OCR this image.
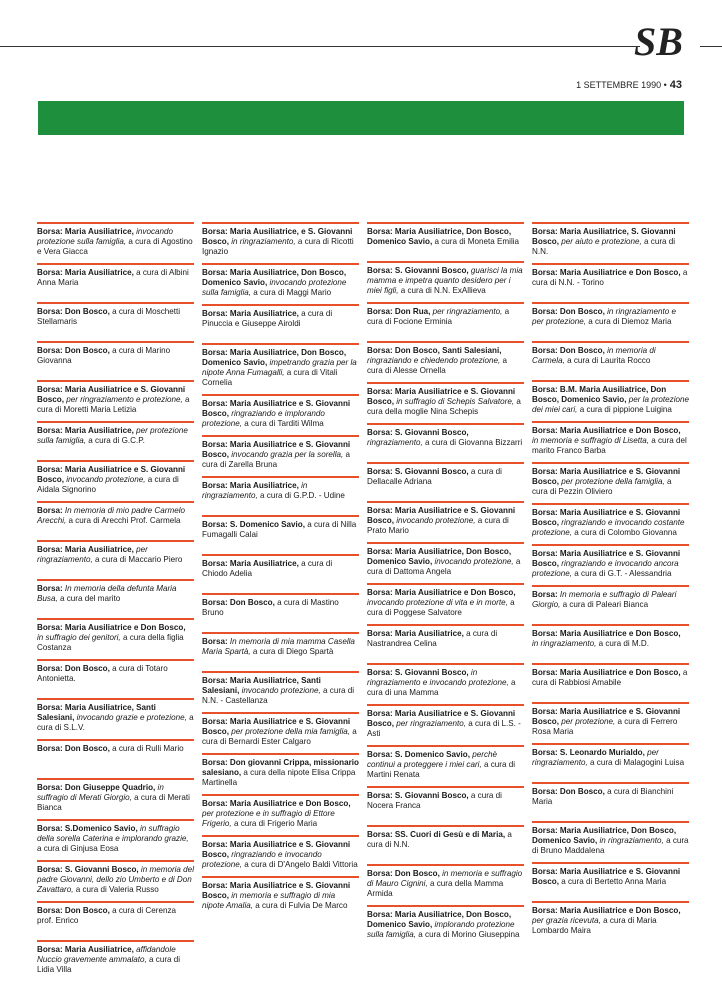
SB
1 SETTEMBRE 1990 • 43
Borsa: Maria Ausiliatrice, invocando protezione sulla famiglia, a cura di Agostino e Vera Giacca
Borsa: Maria Ausiliatrice, a cura di Albini Anna Maria
Borsa: Don Bosco, a cura di Moschetti Stellamaris
Borsa: Don Bosco, a cura di Marino Giovanna
Borsa: Maria Ausiliatrice e S. Giovanni Bosco, per ringraziamento e protezione, a cura di Moretti Maria Letizia
Borsa: Maria Ausiliatrice, per protezione sulla famiglia, a cura di G.C.P.
Borsa: Maria Ausiliatrice e S. Giovanni Bosco, invocando protezione, a cura di Aidala Signorino
Borsa: In memoria di mio padre Carmelo Arecchi, a cura di Arecchi Prof. Carmela
Borsa: Maria Ausiliatrice, per ringraziamento, a cura di Maccario Piero
Borsa: In memoria della defunta Maria Busa, a cura del marito
Borsa: Maria Ausiliatrice e Don Bosco, in suffragio dei genitori, a cura della figlia Costanza
Borsa: Don Bosco, a cura di Totaro Antonietta.
Borsa: Maria Ausiliatrice, Santi Salesiani, invocando grazie e protezione, a cura di S.L.V.
Borsa: Don Bosco, a cura di Rulli Mario
Borsa: Don Giuseppe Quadrio, in suffragio di Merati Giorgio, a cura di Merati Bianca
Borsa: S.Domenico Savio, in suffragio della sorella Caterina e implorando grazie, a cura di Ginjusa Eosa
Borsa: S. Giovanni Bosco, in memoria del padre Giovanni, dello zio Umberto e di Don Zavattaro, a cura di Valeria Russo
Borsa: Don Bosco, a cura di Cerenza prof. Enrico
Borsa: Maria Ausiliatrice, affidandole Nuccio gravemente ammalato, a cura di Lidia Villa
Borsa: Maria Ausiliatrice, e S. Giovanni Bosco, in ringraziamento, a cura di Ricotti Ignazio
Borsa: Maria Ausiliatrice, Don Bosco, Domenico Savio, invocando protezione sulla famiglia, a cura di Maggi Mario
Borsa: Maria Ausiliatrice, a cura di Pinuccia e Giuseppe Airoldi
Borsa: Maria Ausiliatrice, Don Bosco, Domenico Savio, impetrando grazia per la nipote Anna Fumagalli, a cura di Vitali Cornelia
Borsa: Maria Ausiliatrice e S. Giovanni Bosco, ringraziando e implorando protezione, a cura di Tarditi Wilma
Borsa: Maria Ausiliatrice e S. Giovanni Bosco, invocando grazia per la sorella, a cura di Zarella Bruna
Borsa: Maria Ausiliatrice, in ringraziamento, a cura di G.P.D. - Udine
Borsa: S. Domenico Savio, a cura di Nilla Fumagalli Calai
Borsa: Maria Ausiliatrice, a cura di Chiodo Adelia
Borsa: Don Bosco, a cura di Mastino Bruno
Borsa: In memoria di mia mamma Casella Maria Spartà, a cura di Diego Spartà
Borsa: Maria Ausiliatrice, Santi Salesiani, invocando protezione, a cura di N.N. - Castellanza
Borsa: Maria Ausiliatrice e S. Giovanni Bosco, per protezione della mia famiglia, a cura di Bernardi Ester Calgaro
Borsa: Don giovanni Crippa, missionario salesiano, a cura della nipote Elisa Crippa Martinella
Borsa: Maria Ausiliatrice e Don Bosco, per protezione e in suffragio di Ettore Frigerio, a cura di Frigerio Maria
Borsa: Maria Ausiliatrice e S. Giovanni Bosco, ringraziando e invocando protezione, a cura di D'Angelo Baldi Vittoria
Borsa: Maria Ausiliatrice e S. Giovanni Bosco, in memoria e suffragio di mia nipote Amalia, a cura di Fulvia De Marco
Borsa: Maria Ausiliatrice, Don Bosco, Domenico Savio, a cura di Moneta Emilia
Borsa: S. Giovanni Bosco, guarisci la mia mamma e impetra quanto desidero per i miei figli, a cura di N.N. ExAllieva
Borsa: Don Rua, per ringraziamento, a cura di Focione Erminia
Borsa: Don Bosco, Santi Salesiani, ringraziando e chiedendo protezione, a cura di Alesse Ornella
Borsa: Maria Ausiliatrice e S. Giovanni Bosco, in suffragio di Schepis Salvatore, a cura della moglie Nina Schepis
Borsa: S. Giovanni Bosco, ringraziamento, a cura di Giovanna Bizzarri
Borsa: S. Giovanni Bosco, a cura di Dellacalle Adriana
Borsa: Maria Ausiliatrice e S. Giovanni Bosco, invocando protezione, a cura di Prato Mario
Borsa: Maria Ausiliatrice, Don Bosco, Domenico Savio, invocando protezione, a cura di Dattoma Angela
Borsa: Maria Ausiliatrice e Don Bosco, invocando protezione di vita e in morte, a cura di Poggese Salvatore
Borsa: Maria Ausiliatrice, a cura di Nastrandrea Celina
Borsa: S. Giovanni Bosco, in ringraziamento e invocando protezione, a cura di una Mamma
Borsa: Maria Ausiliatrice e S. Giovanni Bosco, per ringraziamento, a cura di L.S. - Asti
Borsa: S. Domenico Savio, perchè continui a proteggere i miei cari, a cura di Martini Renata
Borsa: S. Giovanni Bosco, a cura di Nocera Franca
Borsa: SS. Cuori di Gesù e di Maria, a cura di N.N.
Borsa: Don Bosco, in memoria e suffragio di Mauro Cignini, a cura della Mamma Armida
Borsa: Maria Ausiliatrice, Don Bosco, Domenico Savio, implorando protezione sulla famiglia, a cura di Morino Giuseppina
Borsa: Maria Ausiliatrice, S. Giovanni Bosco, per aiuto e protezione, a cura di N.N.
Borsa: Maria Ausiliatrice e Don Bosco, a cura di N.N. - Torino
Borsa: Don Bosco, in ringraziamento e per protezione, a cura di Diemoz Maria
Borsa: Don Bosco, in memoria di Carmela, a cura di Laurita Rocco
Borsa: B.M. Maria Ausiliatrice, Don Bosco, Domenico Savio, per la protezione dei miei cari, a cura di pippione Luigina
Borsa: Maria Ausiliatrice e Don Bosco, in memoria e suffragio di Lisetta, a cura del marito Franco Barba
Borsa: Maria Ausiliatrice e S. Giovanni Bosco, per protezione della famiglia, a cura di Pezzin Oliviero
Borsa: Maria Ausiliatrice e S. Giovanni Bosco, ringraziando e invocando costante protezione, a cura di Colombo Giovanna
Borsa: Maria Ausiliatrice e S. Giovanni Bosco, ringraziando e invocando ancora protezione, a cura di G.T. - Alessandria
Borsa: In memoria e suffragio di Paleari Giorgio, a cura di Paleari Bianca
Borsa: Maria Ausiliatrice e Don Bosco, in ringraziamento, a cura di M.D.
Borsa: Maria Ausiliatrice e Don Bosco, a cura di Rabbiosi Amabile
Borsa: Maria Ausiliatrice e S. Giovanni Bosco, per protezione, a cura di Ferrero Rosa Maria
Borsa: S. Leonardo Murialdo, per ringraziamento, a cura di Malagogini Luisa
Borsa: Don Bosco, a cura di Bianchini Maria
Borsa: Maria Ausiliatrice, Don Bosco, Domenico Savio, in ringraziamento, a cura di Bruno Maddalena
Borsa: Maria Ausiliatrice e S. Giovanni Bosco, a cura di Bertetto Anna Maria
Borsa: Maria Ausiliatrice e Don Bosco, per grazia ricevuta, a cura di Maria Lombardo Maira
